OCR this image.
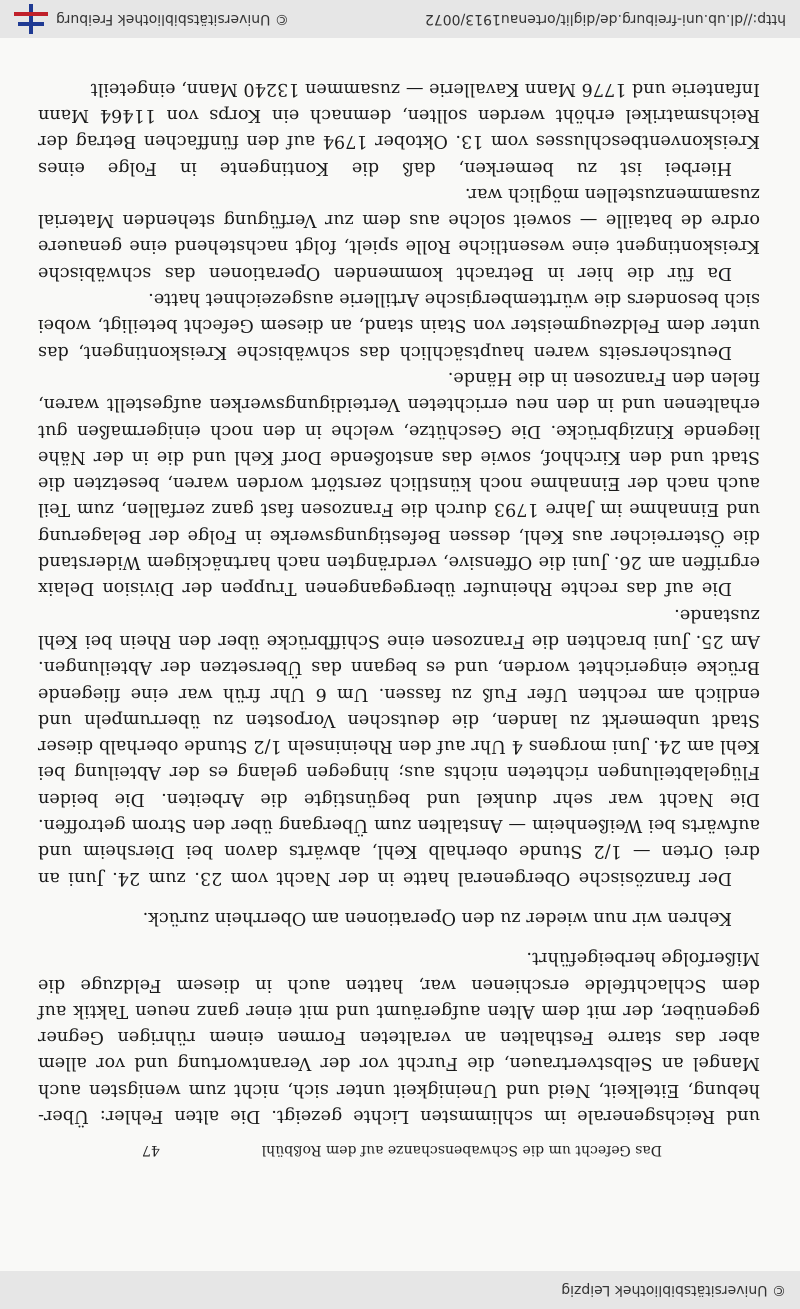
© Universitätsbibliothek Leipzig
Das Gefecht um die Schwabenschanze auf dem Roßbühl
47

und Reichsgenerale im schlimmsten Lichte gezeigt. Die alten Fehler: Über-hebung, Eitelkeit, Neid und Uneinigkeit unter sich, nicht zum wenigsten auch Mangel an Selbstvertrauen, die Furcht vor der Verantwortung und vor allem aber das starre Festhalten an veralteten Formen einem rührigen Gegner gegenüber, der mit dem Alten aufgeräumt und mit einer ganz neuen Taktik auf dem Schlachtfelde erschienen war, hatten auch in diesem Feldzuge die Mißerfolge herbeigeführt.

Kehren wir nun wieder zu den Operationen am Oberrhein zurück.

Der französische Obergeneral hatte in der Nacht vom 23. zum 24. Juni an drei Orten — 1/2 Stunde oberhalb Kehl, abwärts davon bei Diersheim und aufwärts bei Weißenheim — Anstalten zum Übergang über den Strom getroffen. Die Nacht war sehr dunkel und begünstigte die Arbeiten. Die beiden Flügelabteilungen richteten nichts aus; hingegen gelang es der Abteilung bei Kehl am 24. Juni morgens 4 Uhr auf den Rheininseln 1/2 Stunde oberhalb dieser Stadt unbemerkt zu landen, die deutschen Vorposten zu überrumpeln und endlich am rechten Ufer Fuß zu fassen. Um 6 Uhr früh war eine fliegende Brücke eingerichtet worden, und es begann das Übersetzen der Abteilungen. Am 25. Juni brachten die Franzosen eine Schiffbrücke über den Rhein bei Kehl zustande.

Die auf das rechte Rheinufer übergegangenen Truppen der Division Delaix ergriffen am 26. Juni die Offensive, verdrängten nach hartnäckigem Widerstand die Österreicher aus Kehl, dessen Befestigungswerke in Folge der Belagerung und Einnahme im Jahre 1793 durch die Franzosen fast ganz zerfallen, zum Teil auch nach der Einnahme noch künstlich zerstört worden waren, besetzten die Stadt und den Kirchhof, sowie das anstoßende Dorf Kehl und die in der Nähe liegende Kinzigbrücke. Die Geschütze, welche in den noch einigermaßen gut erhaltenen und in den neu errichteten Verteidigungswerken aufgestellt waren, fielen den Franzosen in die Hände.

Deutscherseits waren hauptsächlich das schwäbische Kreiskontingent, das unter dem Feldzeugmeister von Stain stand, an diesem Gefecht beteiligt, wobei sich besonders die württembergische Artillerie ausgezeichnet hatte.

Da für die hier in Betracht kommenden Operationen das schwäbische Kreiskontingent eine wesentliche Rolle spielt, folgt nachstehend eine genauere ordre de bataille — soweit solche aus dem zur Verfügung stehenden Material zusammenzustellen möglich war.

Hierbei ist zu bemerken, daß die Kontingente in Folge eines Kreiskonventbeschlusses vom 13. Oktober 1794 auf den fünffachen Betrag der Reichsmatrikel erhöht werden sollten, demnach ein Korps von 11464 Mann Infanterie und 1776 Mann Kavallerie — zusammen 13240 Mann, eingeteilt

http://dl.ub.uni-freiburg.de/diglit/ortenau1913/0072
© Universitätsbibliothek Freiburg
